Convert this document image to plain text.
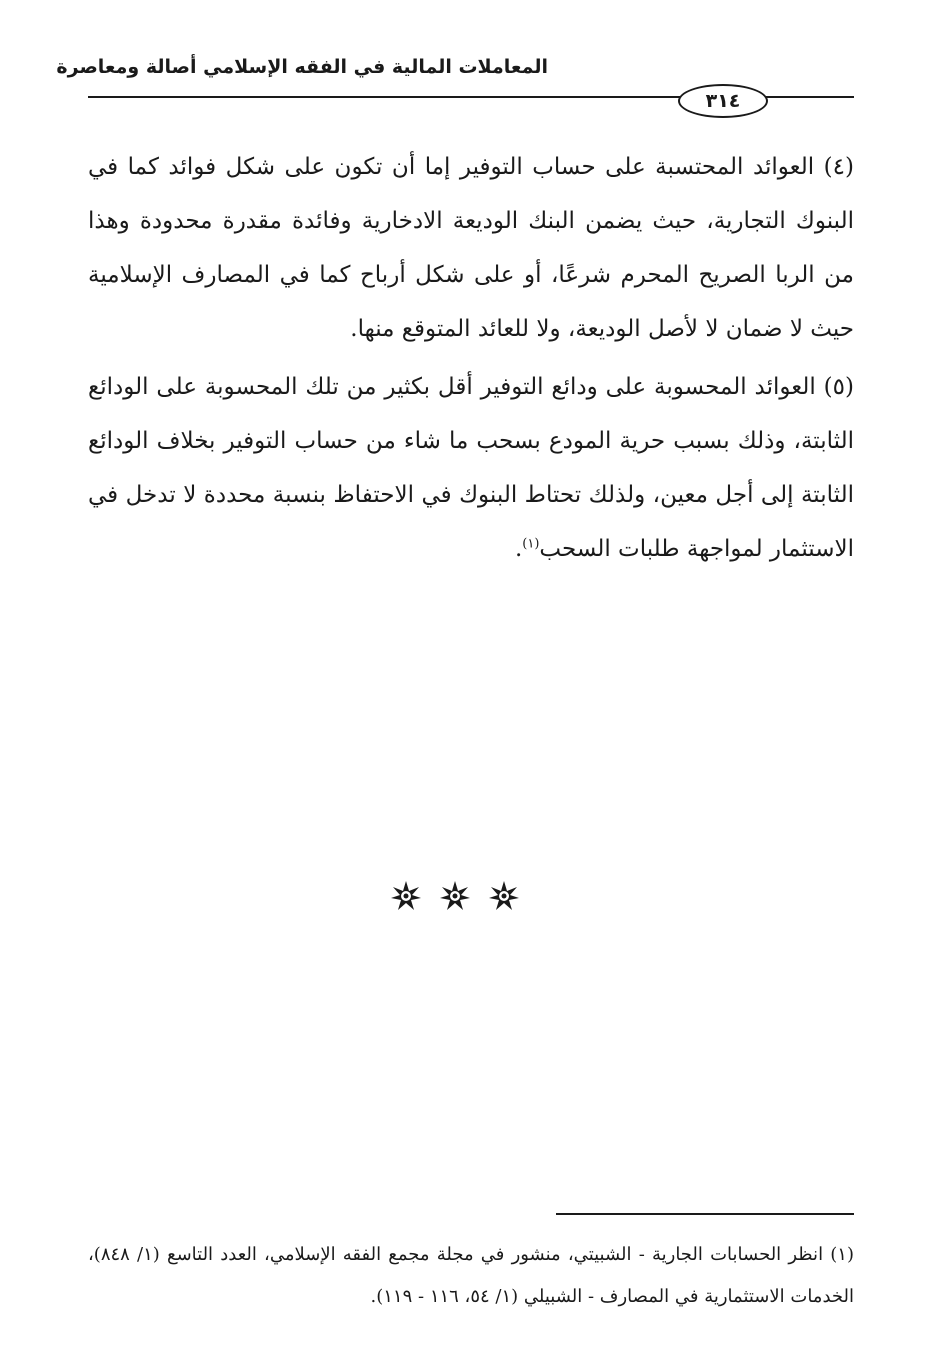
المعاملات المالية في الفقه الإسلامي أصالة ومعاصرة
٣١٤

(٤) العوائد المحتسبة على حساب التوفير إما أن تكون على شكل فوائد كما في البنوك التجارية، حيث يضمن البنك الوديعة الادخارية وفائدة مقدرة محدودة وهذا من الربا الصريح المحرم شرعًا، أو على شكل أرباح كما في المصارف الإسلامية حيث لا ضمان لا لأصل الوديعة، ولا للعائد المتوقع منها.

(٥) العوائد المحسوبة على ودائع التوفير أقل بكثير من تلك المحسوبة على الودائع الثابتة، وذلك بسبب حرية المودع بسحب ما شاء من حساب التوفير بخلاف الودائع الثابتة إلى أجل معين، ولذلك تحتاط البنوك في الاحتفاظ بنسبة محددة لا تدخل في الاستثمار لمواجهة طلبات السحب$^{(١)}$.

(١) انظر الحسابات الجارية - الشبيتي، منشور في مجلة مجمع الفقه الإسلامي، العدد التاسع (١/ ٨٤٨)، الخدمات الاستثمارية في المصارف - الشبيلي (١/ ٥٤، ١١٦ - ١١٩).
